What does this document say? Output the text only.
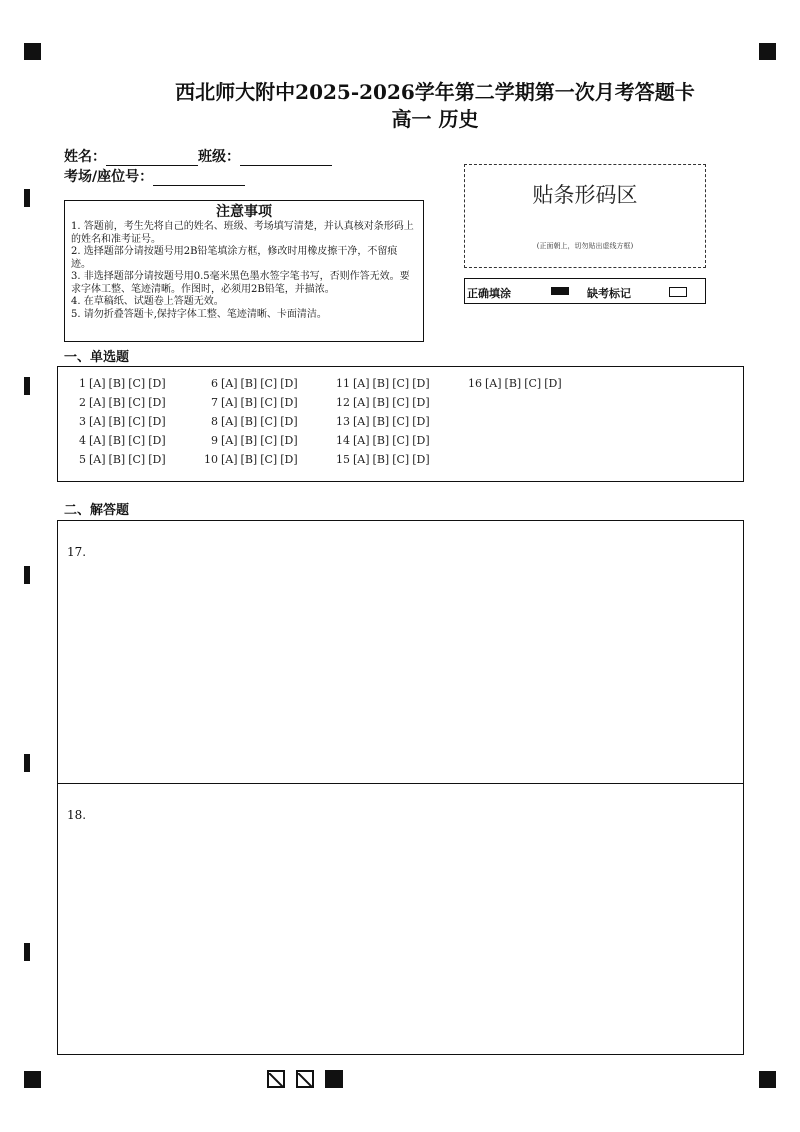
西北师大附中2025-2026学年第二学期第一次月考答题卡
高一 历史
姓名：	班级：
考场/座位号：
注意事项

1. 答题前，考生先将自己的姓名、班级、考场填写清楚，并认真核对条形码上的姓名和准考证号。

2. 选择题部分请按题号用2B铅笔填涂方框，修改时用橡皮擦干净，不留痕迹。

3. 非选择题部分请按题号用0.5毫米黑色墨水签字笔书写，否则作答无效。要求字体工整、笔迹清晰。作图时，必须用2B铅笔，并描浓。

4. 在草稿纸、试题卷上答题无效。

5. 请勿折叠答题卡,保持字体工整、笔迹清晰、卡面清洁。

贴条形码区
(正面朝上，切勿贴出虚线方框)
正确填涂	缺考标记
一、单选题
1 [A] [B] [C] [D]
2 [A] [B] [C] [D]
3 [A] [B] [C] [D]
4 [A] [B] [C] [D]
5 [A] [B] [C] [D]
6 [A] [B] [C] [D]
7 [A] [B] [C] [D]
8 [A] [B] [C] [D]
9 [A] [B] [C] [D]
10 [A] [B] [C] [D]
11 [A] [B] [C] [D]
12 [A] [B] [C] [D]
13 [A] [B] [C] [D]
14 [A] [B] [C] [D]
15 [A] [B] [C] [D]
16 [A] [B] [C] [D]
二、解答题
17.
18.
